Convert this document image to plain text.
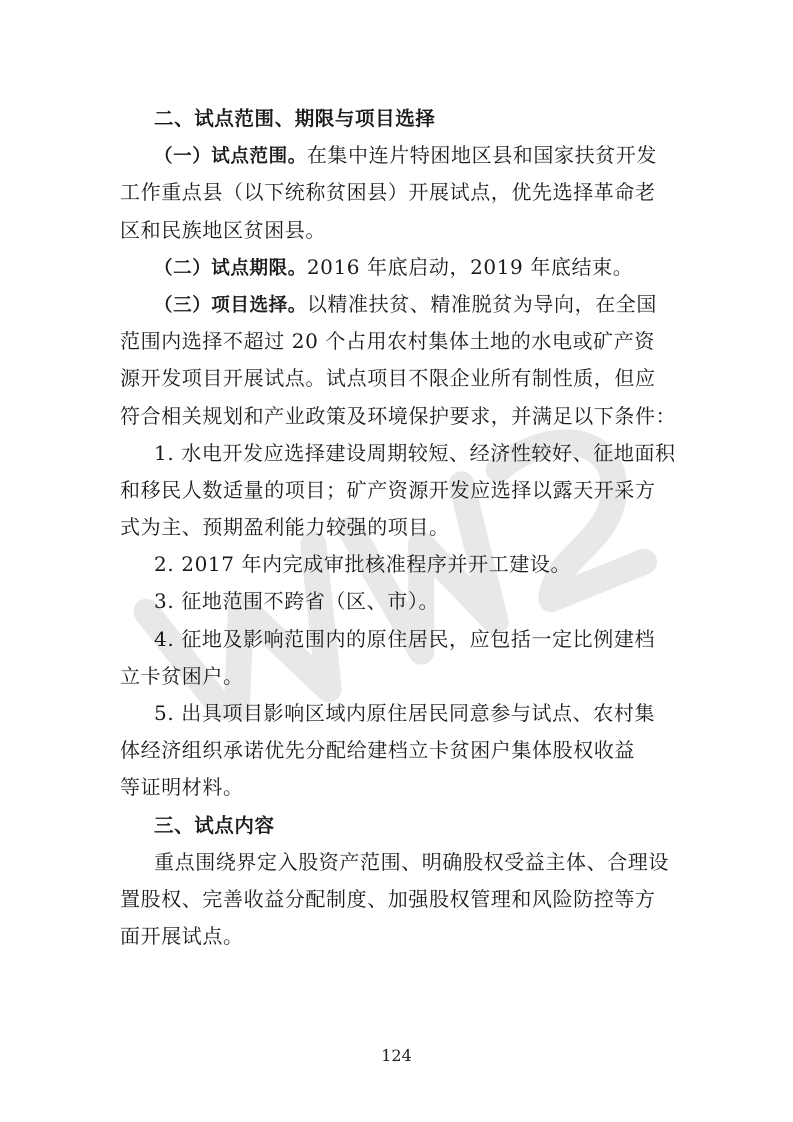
二、试点范围、期限与项目选择
（一）试点范围。在集中连片特困地区县和国家扶贫开发
工作重点县（以下统称贫困县）开展试点，优先选择革命老
区和民族地区贫困县。
（二）试点期限。2016 年底启动，2019 年底结束。
（三）项目选择。以精准扶贫、精准脱贫为导向，在全国
范围内选择不超过 20 个占用农村集体土地的水电或矿产资
源开发项目开展试点。试点项目不限企业所有制性质，但应
符合相关规划和产业政策及环境保护要求，并满足以下条件：
1. 水电开发应选择建设周期较短、经济性较好、征地面积
和移民人数适量的项目；矿产资源开发应选择以露天开采方
式为主、预期盈利能力较强的项目。
2. 2017 年内完成审批核准程序并开工建设。
3. 征地范围不跨省（区、市）。
4. 征地及影响范围内的原住居民，应包括一定比例建档
立卡贫困户。
5. 出具项目影响区域内原住居民同意参与试点、农村集
体经济组织承诺优先分配给建档立卡贫困户集体股权收益
等证明材料。
三、试点内容
重点围绕界定入股资产范围、明确股权受益主体、合理设
置股权、完善收益分配制度、加强股权管理和风险防控等方
面开展试点。
124
